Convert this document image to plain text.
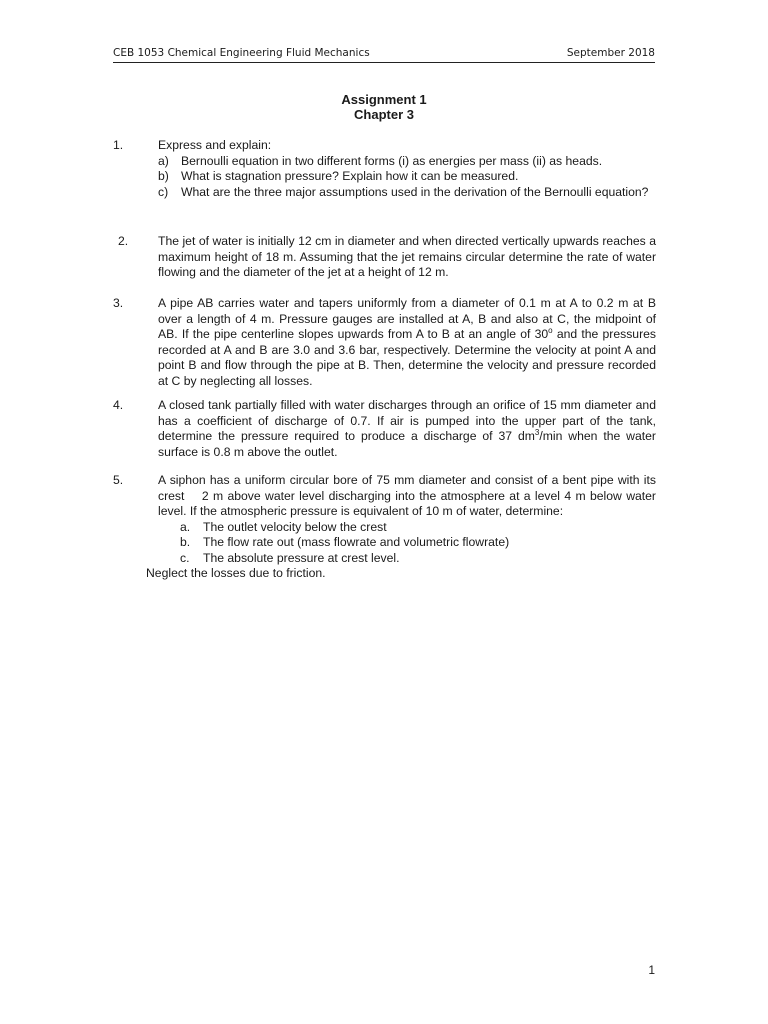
CEB 1053 Chemical Engineering Fluid Mechanics	September 2018
Assignment 1
Chapter 3
1.	Express and explain:
a) Bernoulli equation in two different forms (i) as energies per mass (ii) as heads.
b) What is stagnation pressure? Explain how it can be measured.
c) What are the three major assumptions used in the derivation of the Bernoulli equation?
2. The jet of water is initially 12 cm in diameter and when directed vertically upwards reaches a maximum height of 18 m. Assuming that the jet remains circular determine the rate of water flowing and the diameter of the jet at a height of 12 m.
3.	A pipe AB carries water and tapers uniformly from a diameter of 0.1 m at A to 0.2 m at B over a length of 4 m. Pressure gauges are installed at A, B and also at C, the midpoint of AB. If the pipe centerline slopes upwards from A to B at an angle of 30$^o$ and the pressures recorded at A and B are 3.0 and 3.6 bar, respectively. Determine the velocity at point A and point B and flow through the pipe at B. Then, determine the velocity and pressure recorded at C by neglecting all losses.
4.	A closed tank partially filled with water discharges through an orifice of 15 mm diameter and has a coefficient of discharge of 0.7. If air is pumped into the upper part of the tank, determine the pressure required to produce a discharge of 37 $dm^3/\min$ when the water surface is 0.8 m above the outlet.
5.	A siphon has a uniform circular bore of 75 mm diameter and consist of a bent pipe with its crest    2 m above water level discharging into the atmosphere at a level 4 m below water level. If the atmospheric pressure is equivalent of 10 m of water, determine:
a. The outlet velocity below the crest
b. The flow rate out (mass flowrate and volumetric flowrate)
c. The absolute pressure at crest level.
Neglect the losses due to friction.
1
